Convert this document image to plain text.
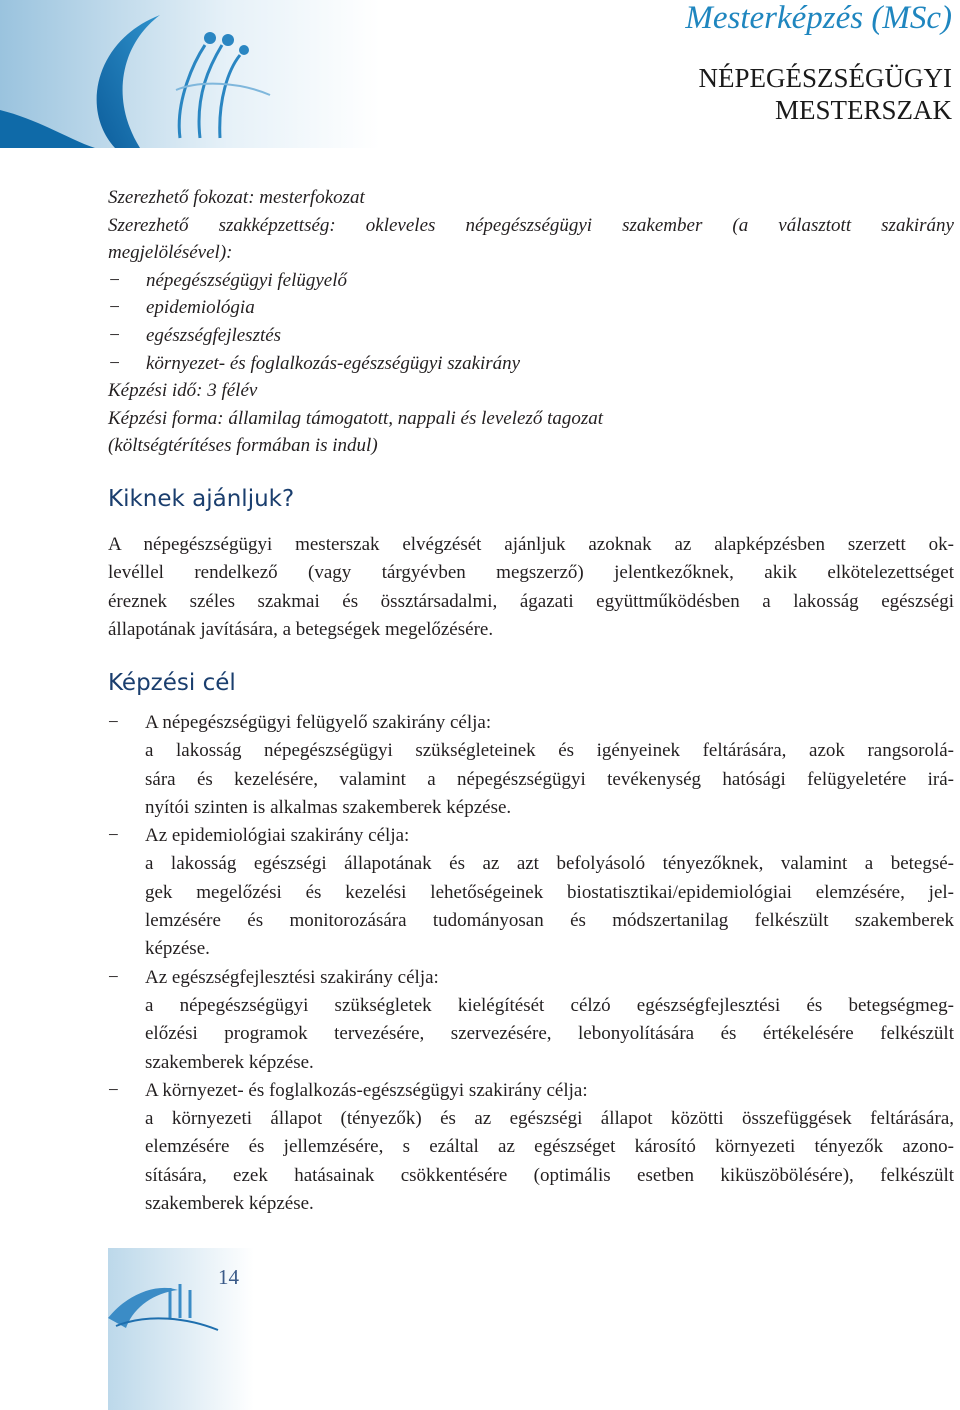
Mesterképzés (MSc)
NÉPEGÉSZSÉGÜGYI
MESTERSZAK
Szerezhető fokozat: mesterfokozat
Szerezhető szakképzettség: okleveles népegészségügyi szakember (a választott szakirány
megjelölésével):
− népegészségügyi felügyelő
− epidemiológia
− egészségfejlesztés
− környezet- és foglalkozás-egészségügyi szakirány
Képzési idő: 3 félév
Képzési forma: államilag támogatott, nappali és levelező tagozat
(költségtérítéses formában is indul)
Kiknek ajánljuk?
A népegészségügyi mesterszak elvégzését ajánljuk azoknak az alapképzésben szerzett ok-
levéllel rendelkező (vagy tárgyévben megszerző) jelentkezőknek, akik elkötelezettséget
éreznek széles szakmai és össztársadalmi, ágazati együttműködésben a lakosság egészségi
állapotának javítására, a betegségek megelőzésére.
Képzési cél
− A népegészségügyi felügyelő szakirány célja:
a lakosság népegészségügyi szükségleteinek és igényeinek feltárására, azok rangsorolá-
sára és kezelésére, valamint a népegészségügyi tevékenység hatósági felügyeletére irá-
nyítói szinten is alkalmas szakemberek képzése.
− Az epidemiológiai szakirány célja:
a lakosság egészségi állapotának és az azt befolyásoló tényezőknek, valamint a betegsé-
gek megelőzési és kezelési lehetőségeinek biostatisztikai/epidemiológiai elemzésére, jel-
lemzésére és monitorozására tudományosan és módszertanilag felkészült szakemberek
képzése.
− Az egészségfejlesztési szakirány célja:
a népegészségügyi szükségletek kielégítését célzó egészségfejlesztési és betegségmeg-
előzési programok tervezésére, szervezésére, lebonyolítására és értékelésére felkészült
szakemberek képzése.
− A környezet- és foglalkozás-egészségügyi szakirány célja:
a környezeti állapot (tényezők) és az egészségi állapot közötti összefüggések feltárására,
elemzésére és jellemzésére, s ezáltal az egészséget károsító környezeti tényezők azono-
sítására, ezek hatásainak csökkentésére (optimális esetben kiküszöbölésére), felkészült
szakemberek képzése.
14
